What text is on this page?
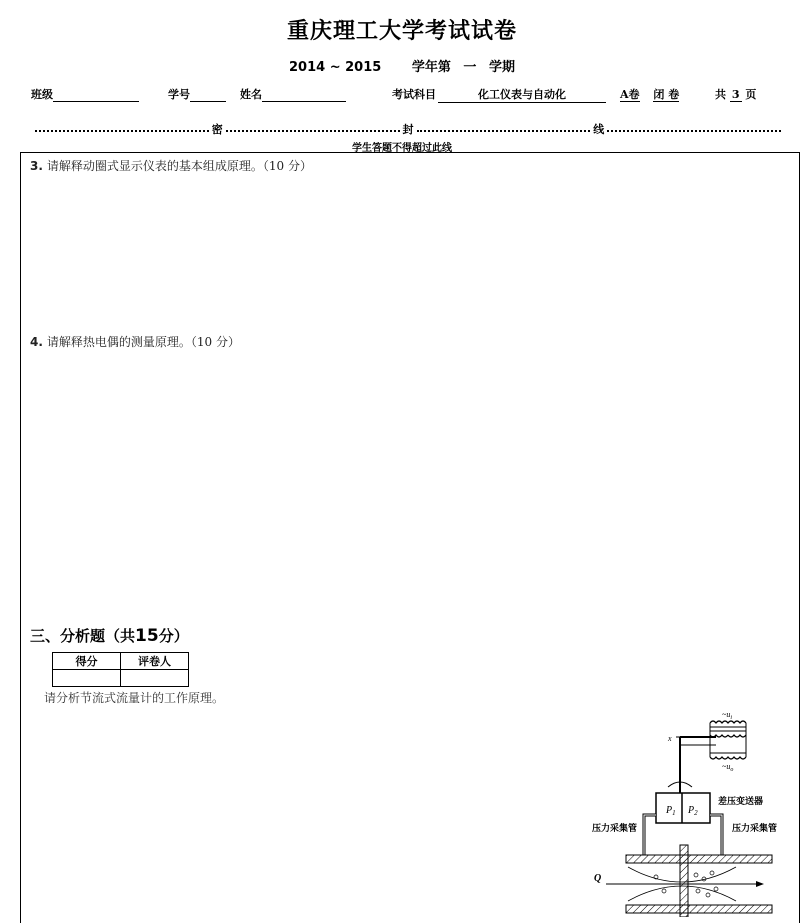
重庆理工大学考试试卷
2014 ~ 2015 学年第 一 学期
班级	学号	姓名	考试科目	化工仪表与自动化	A卷 闭 卷	共 3 页
密	封	线
学生答题不得超过此线
3. 请解释动圈式显示仪表的基本组成原理。（10 分）
4. 请解释热电偶的测量原理。（10 分）
三、分析题（共15分）
得分	评卷人

请分析节流式流量计的工作原理。
$\sim u_i$
$\sim u_o$
x
$P_1$ $P_2$
差压变送器
压力采集管	压力采集管
Q
